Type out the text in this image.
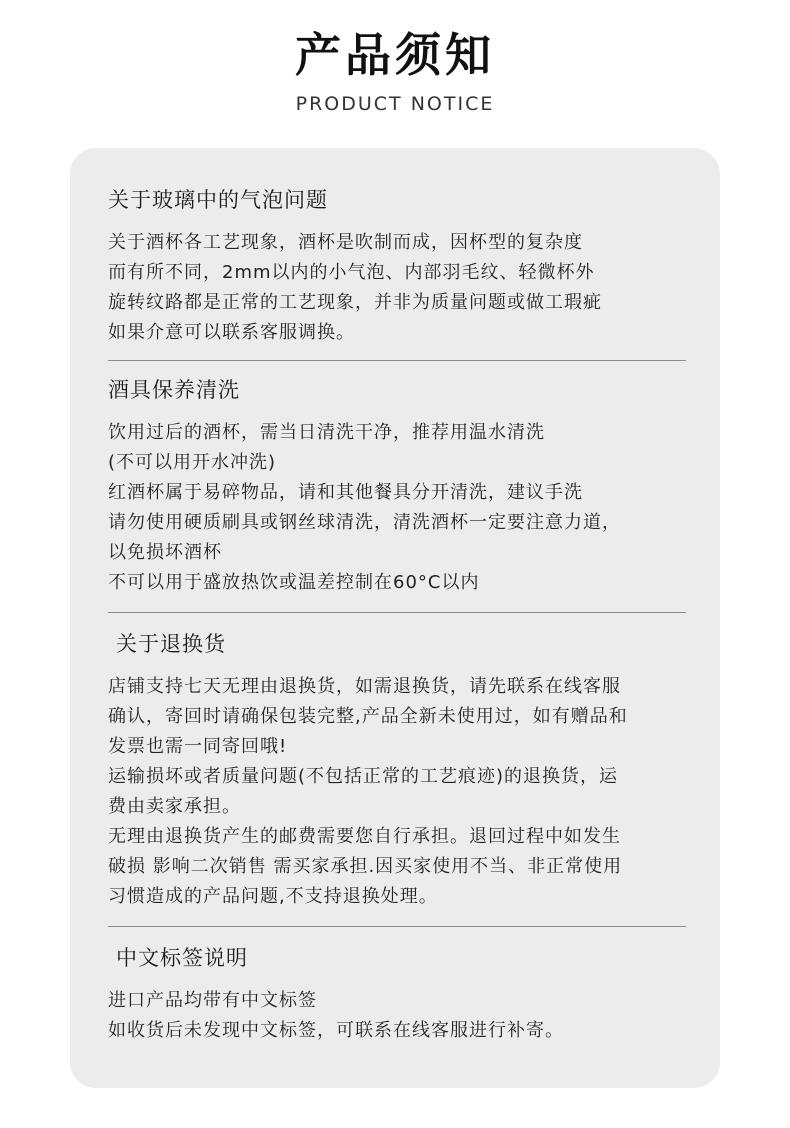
产品须知
PRODUCT NOTICE
关于玻璃中的气泡问题

关于酒杯各工艺现象，酒杯是吹制而成，因杯型的复杂度

而有所不同，2mm以内的小气泡、内部羽毛纹、轻微杯外

旋转纹路都是正常的工艺现象，并非为质量问题或做工瑕疵

如果介意可以联系客服调换。

酒具保养清洗

饮用过后的酒杯，需当日清洗干净，推荐用温水清洗

(不可以用开水冲洗)

红酒杯属于易碎物品，请和其他餐具分开清洗，建议手洗

请勿使用硬质刷具或钢丝球清洗，清洗酒杯一定要注意力道，

以免损坏酒杯

不可以用于盛放热饮或温差控制在60°C以内

关于退换货

店铺支持七天无理由退换货，如需退换货，请先联系在线客服

确认，寄回时请确保包装完整,产品全新未使用过，如有赠品和

发票也需一同寄回哦!

运输损坏或者质量问题(不包括正常的工艺痕迹)的退换货，运

费由卖家承担。

无理由退换货产生的邮费需要您自行承担。退回过程中如发生

破损 影响二次销售 需买家承担.因买家使用不当、非正常使用

习惯造成的产品问题,不支持退换处理。

中文标签说明

进口产品均带有中文标签

如收货后未发现中文标签，可联系在线客服进行补寄。
